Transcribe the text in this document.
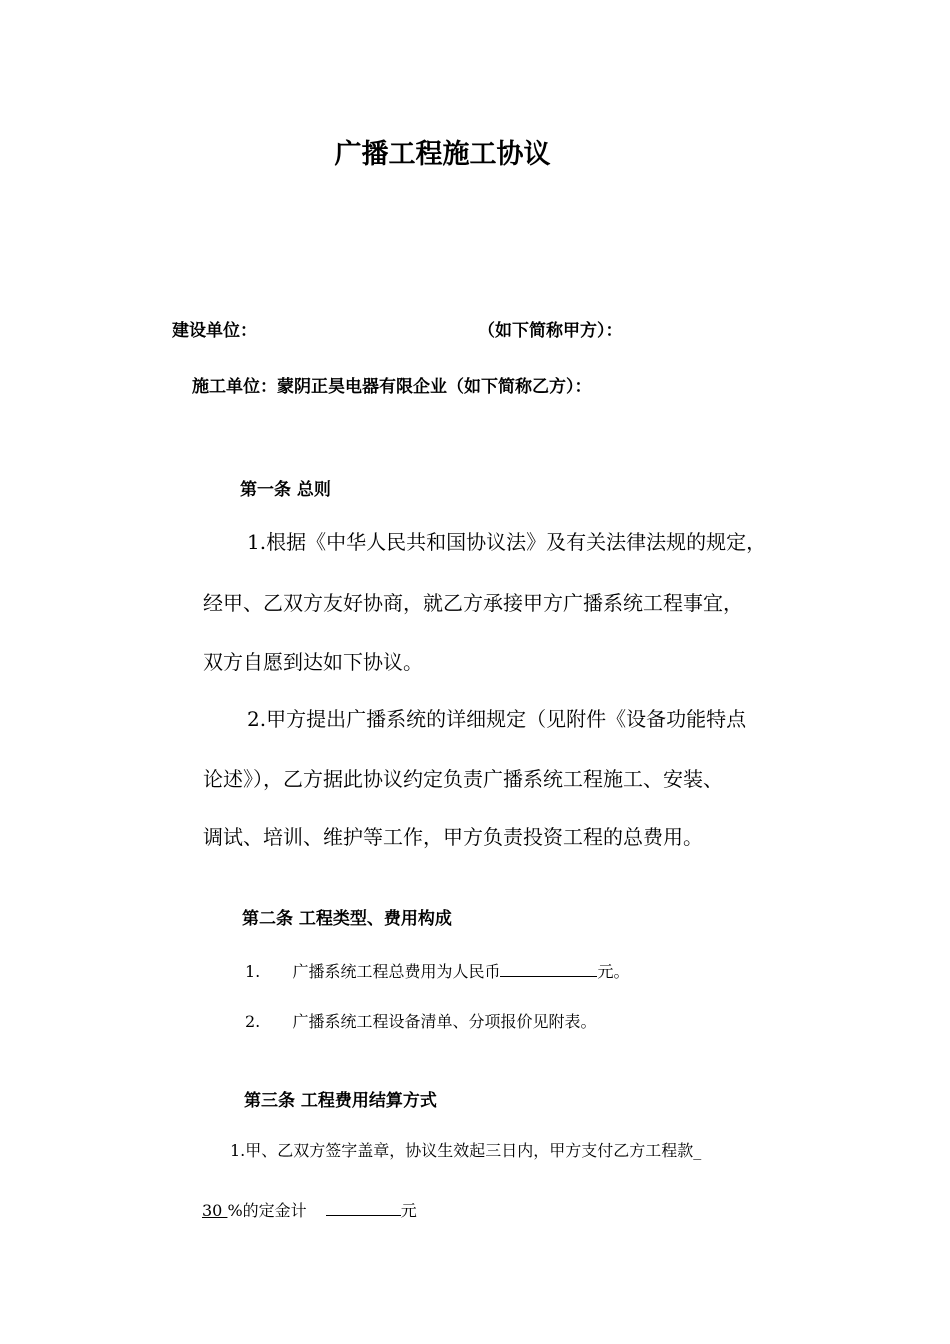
广播工程施工协议
建设单位：	（如下简称甲方）：
施工单位：蒙阴正昊电器有限企业（如下简称乙方）：
第一条 总则
1.根据《中华人民共和国协议法》及有关法律法规的规定，
经甲、乙双方友好协商，就乙方承接甲方广播系统工程事宜，
双方自愿到达如下协议。
2.甲方提出广播系统的详细规定（见附件《设备功能特点
论述》），乙方据此协议约定负责广播系统工程施工、安装、
调试、培训、维护等工作，甲方负责投资工程的总费用。
第二条 工程类型、费用构成
1. 广播系统工程总费用为人民币	元。
2. 广播系统工程设备清单、分项报价见附表。
第三条 工程费用结算方式
1.甲、乙双方签字盖章，协议生效起三日内，甲方支付乙方工程款_
30 %的定金计	元
